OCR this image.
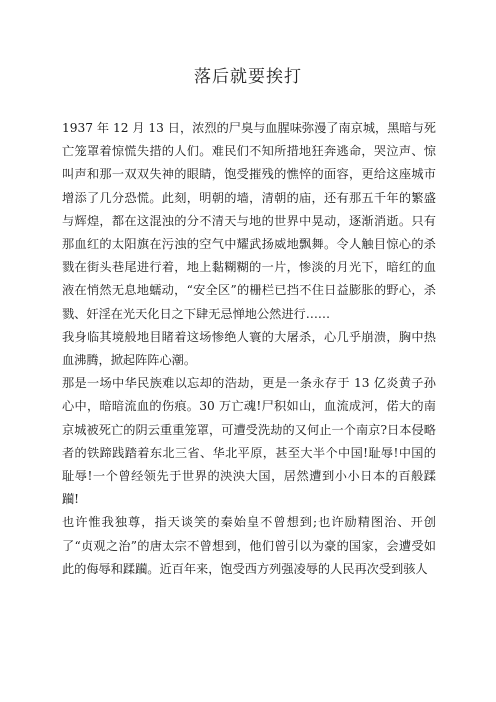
落后就要挨打

1937 年 12 月 13 日，浓烈的尸臭与血腥味弥漫了南京城，黑暗与死亡笼罩着惊慌失措的人们。难民们不知所措地狂奔逃命，哭泣声、惊叫声和那一双双失神的眼睛，饱受摧残的憔悴的面容，更给这座城市增添了几分恐慌。此刻，明朝的墙，清朝的庙，还有那五千年的繁盛与辉煌，都在这混浊的分不清天与地的世界中晃动，逐渐消逝。只有那血红的太阳旗在污浊的空气中耀武扬威地飘舞。令人触目惊心的杀戮在街头巷尾进行着，地上黏糊糊的一片，惨淡的月光下，暗红的血液在悄然无息地蠕动，“安全区”的栅栏已挡不住日益膨胀的野心，杀戮、奸淫在光天化日之下肆无忌惮地公然进行……

我身临其境般地目睹着这场惨绝人寰的大屠杀，心几乎崩溃，胸中热血沸腾，掀起阵阵心潮。

那是一场中华民族难以忘却的浩劫，更是一条永存于 13 亿炎黄子孙心中，暗暗流血的伤痕。30 万亡魂!尸积如山，血流成河，偌大的南京城被死亡的阴云重重笼罩，可遭受洗劫的又何止一个南京?日本侵略者的铁蹄践踏着东北三省、华北平原，甚至大半个中国!耻辱!中国的耻辱!一个曾经领先于世界的泱泱大国，居然遭到小小日本的百般蹂躏!

也许惟我独尊，指天谈笑的秦始皇不曾想到;也许励精图治、开创了“贞观之治”的唐太宗不曾想到，他们曾引以为豪的国家，会遭受如此的侮辱和蹂躏。近百年来，饱受西方列强凌辱的人民再次受到骇人
